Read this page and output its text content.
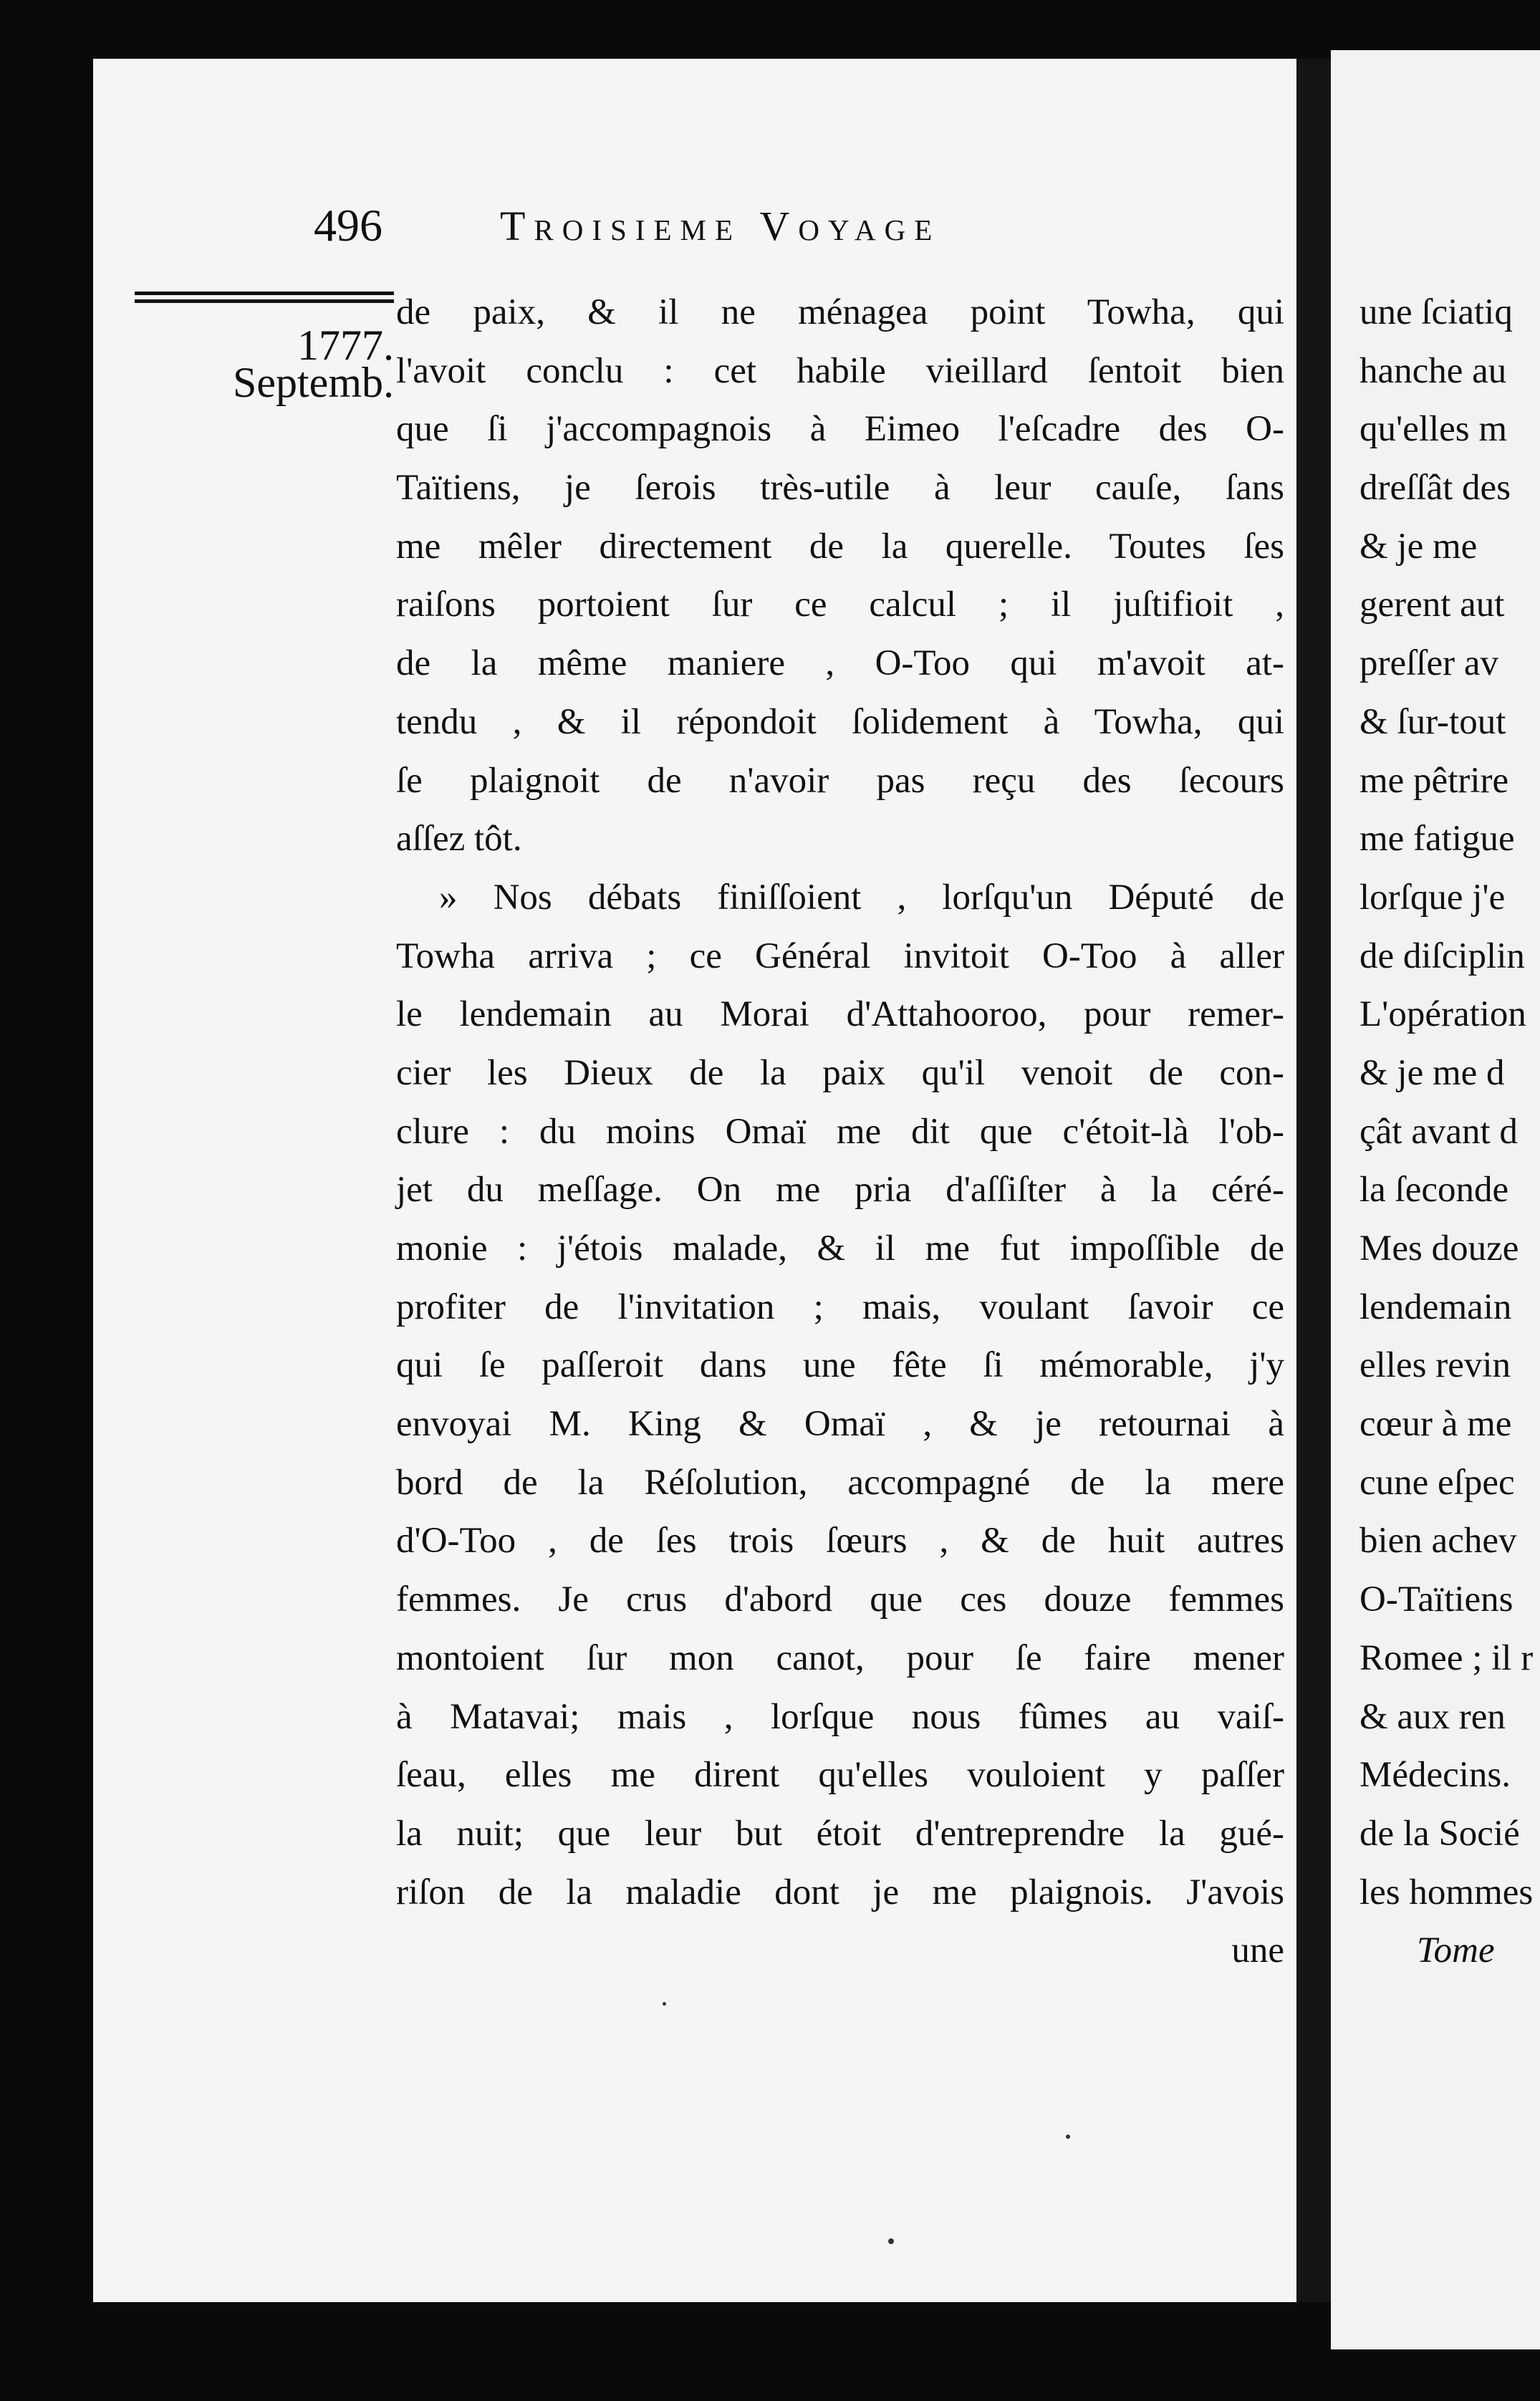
496	Troisieme Voyage
1777.
Septemb.
de paix, & il ne ménagea point Towha, qui
l'avoit conclu : cet habile vieillard ſentoit bien
que ſi j'accompagnois à Eimeo l'eſcadre des O-
Taïtiens, je ſerois très-utile à leur cauſe, ſans
me mêler directement de la querelle. Toutes ſes
raiſons portoient ſur ce calcul ; il juſtifioit ,
de la même maniere , O-Too qui m'avoit at-
tendu , & il répondoit ſolidement à Towha, qui
ſe plaignoit de n'avoir pas reçu des ſecours
aſſez tôt.
» Nos débats finiſſoient , lorſqu'un Député de
Towha arriva ; ce Général invitoit O-Too à aller
le lendemain au Morai d'Attahooroo, pour remer-
cier les Dieux de la paix qu'il venoit de con-
clure : du moins Omaï me dit que c'étoit-là l'ob-
jet du meſſage. On me pria d'aſſiſter à la céré-
monie : j'étois malade, & il me fut impoſſible de
profiter de l'invitation ; mais, voulant ſavoir ce
qui ſe paſſeroit dans une fête ſi mémorable, j'y
envoyai M. King & Omaï , & je retournai à
bord de la Réſolution, accompagné de la mere
d'O-Too , de ſes trois ſœurs , & de huit autres
femmes. Je crus d'abord que ces douze femmes
montoient ſur mon canot, pour ſe faire mener
à Matavai; mais , lorſque nous fûmes au vaiſ-
ſeau, elles me dirent qu'elles vouloient y paſſer
la nuit; que leur but étoit d'entreprendre la gué-
riſon de la maladie dont je me plaignois. J'avois
une
une ſciatiq
hanche au
qu'elles m
dreſſât des
& je me
gerent aut
preſſer av
& ſur-tout
me pêtrire
me fatigue
lorſque j'e
de diſciplin
L'opération
& je me d
çât avant d
la ſeconde
Mes douze
lendemain
elles revin
cœur à me
cune eſpec
bien achev
O-Taïtiens
Romee ; il r
& aux ren
Médecins.
de la Socié
les hommes
Tome
